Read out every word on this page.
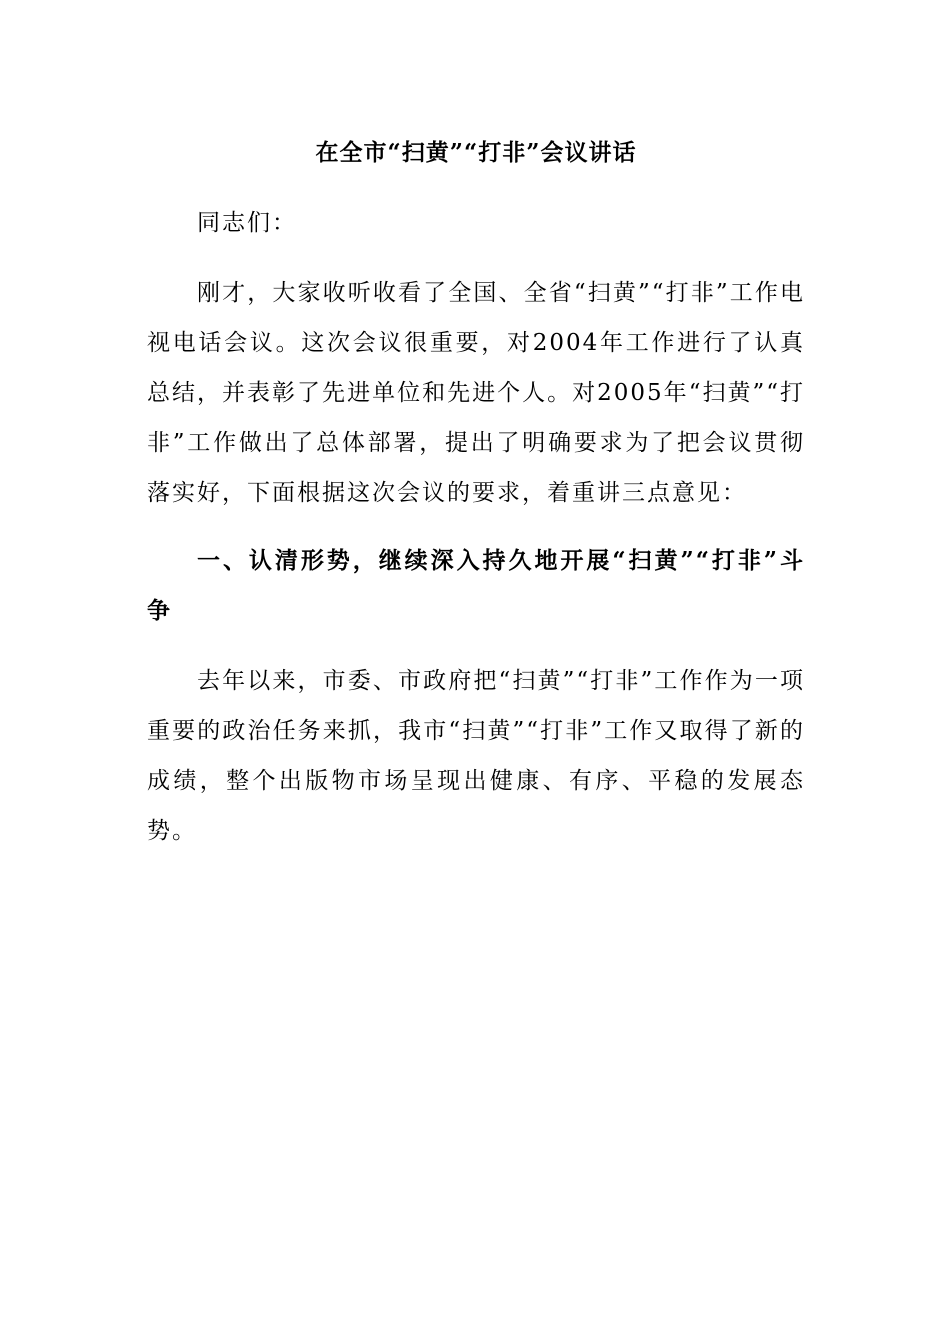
在全市“扫黄”“打非”会议讲话

同志们：

刚才，大家收听收看了全国、全省“扫黄”“打非”工作电视电话会议。这次会议很重要，对2004年工作进行了认真总结，并表彰了先进单位和先进个人。对2005年“扫黄”“打非”工作做出了总体部署，提出了明确要求为了把会议贯彻落实好，下面根据这次会议的要求，着重讲三点意见：

一、认清形势，继续深入持久地开展“扫黄”“打非”斗争

去年以来，市委、市政府把“扫黄”“打非”工作作为一项重要的政治任务来抓，我市“扫黄”“打非”工作又取得了新的成绩，整个出版物市场呈现出健康、有序、平稳的发展态势。
